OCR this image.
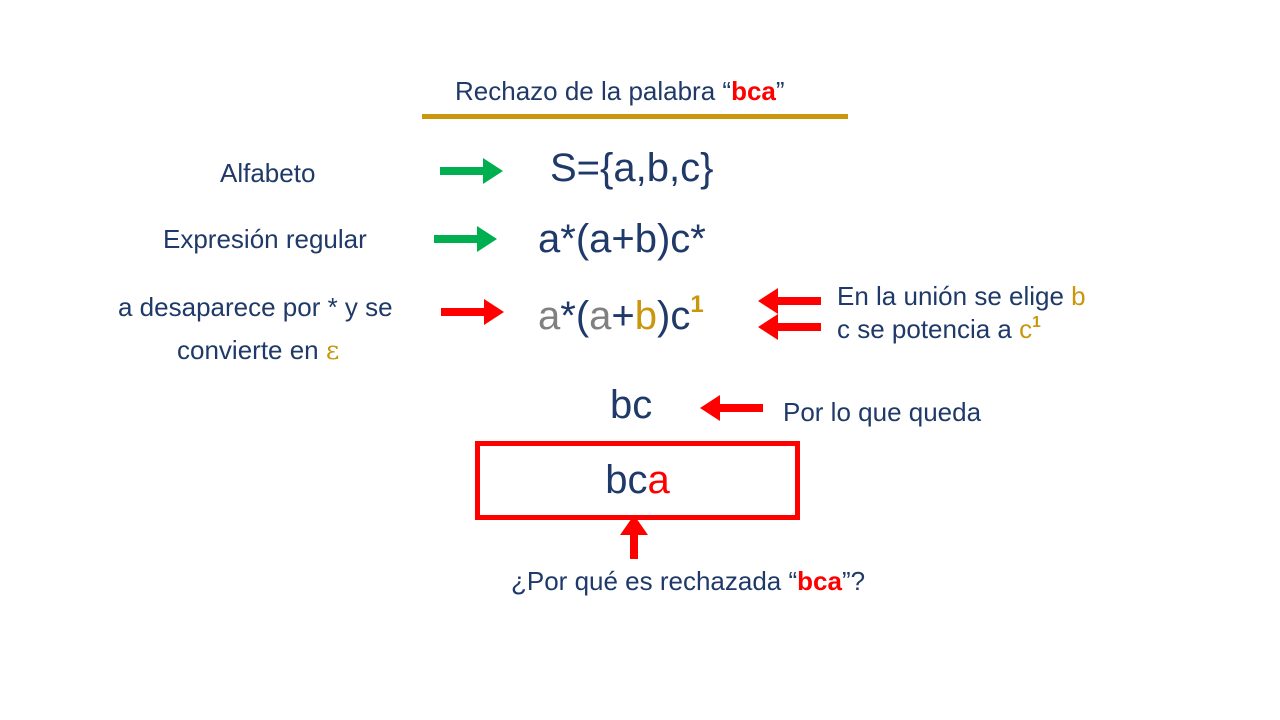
Rechazo de la palabra “bca”
Alfabeto	S={a,b,c}
Expresión regular	a*(a+b)c*
a desaparece por * y se
convierte en ε
$a*(a+b)c^1$	En la unión se elige b
c se potencia a $c^1$
bc	Por lo que queda
bca
¿Por qué es rechazada “bca”?
